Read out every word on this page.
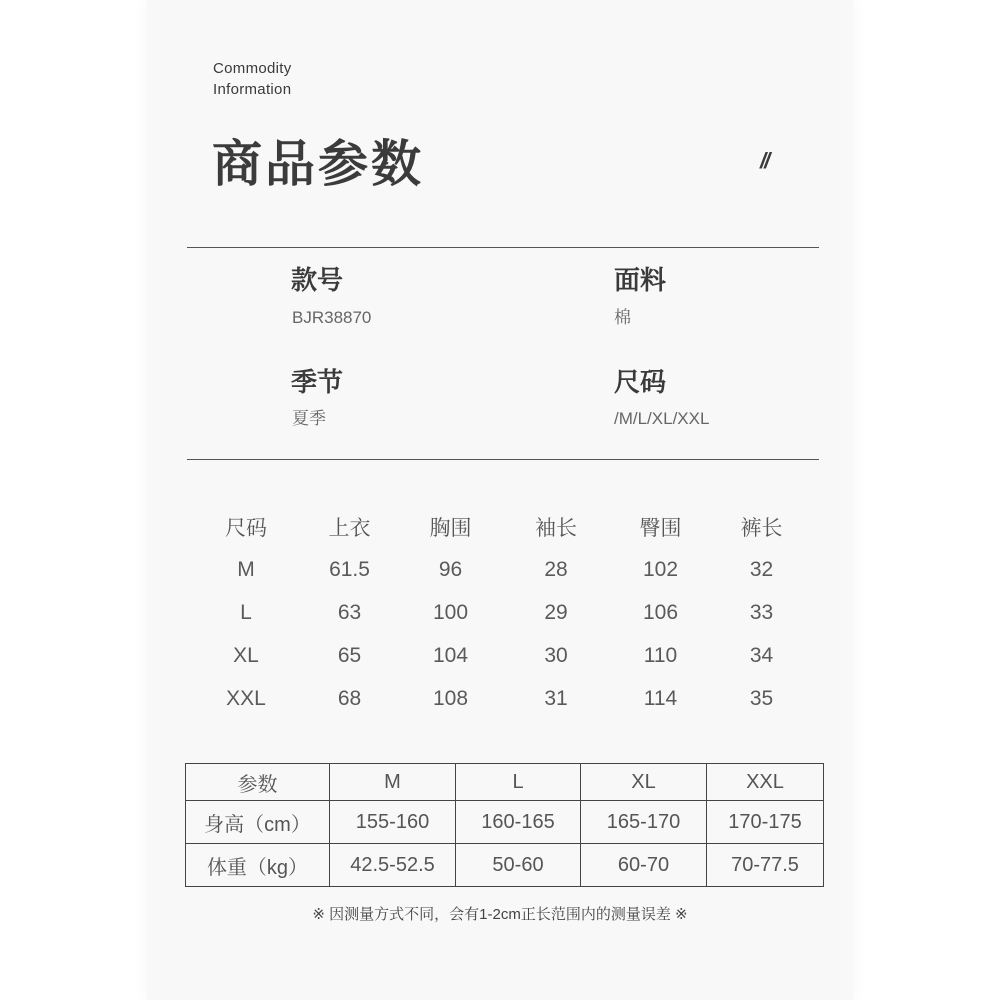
Commodity
Information
商品参数	//
款号
BJR38870
面料
棉
季节
夏季
尺码
/M/L/XL/XXL
尺码	上衣	胸围	袖长	臀围	裤长
M	61.5	96	28	102	32
L	63	100	29	106	33
XL	65	104	30	110	34
XXL	68	108	31	114	35
参数	M	L	XL	XXL
身高（cm）	155-160	160-165	165-170	170-175
体重（kg）	42.5-52.5	50-60	60-70	70-77.5
※ 因测量方式不同，会有1-2cm正长范围内的测量误差 ※
